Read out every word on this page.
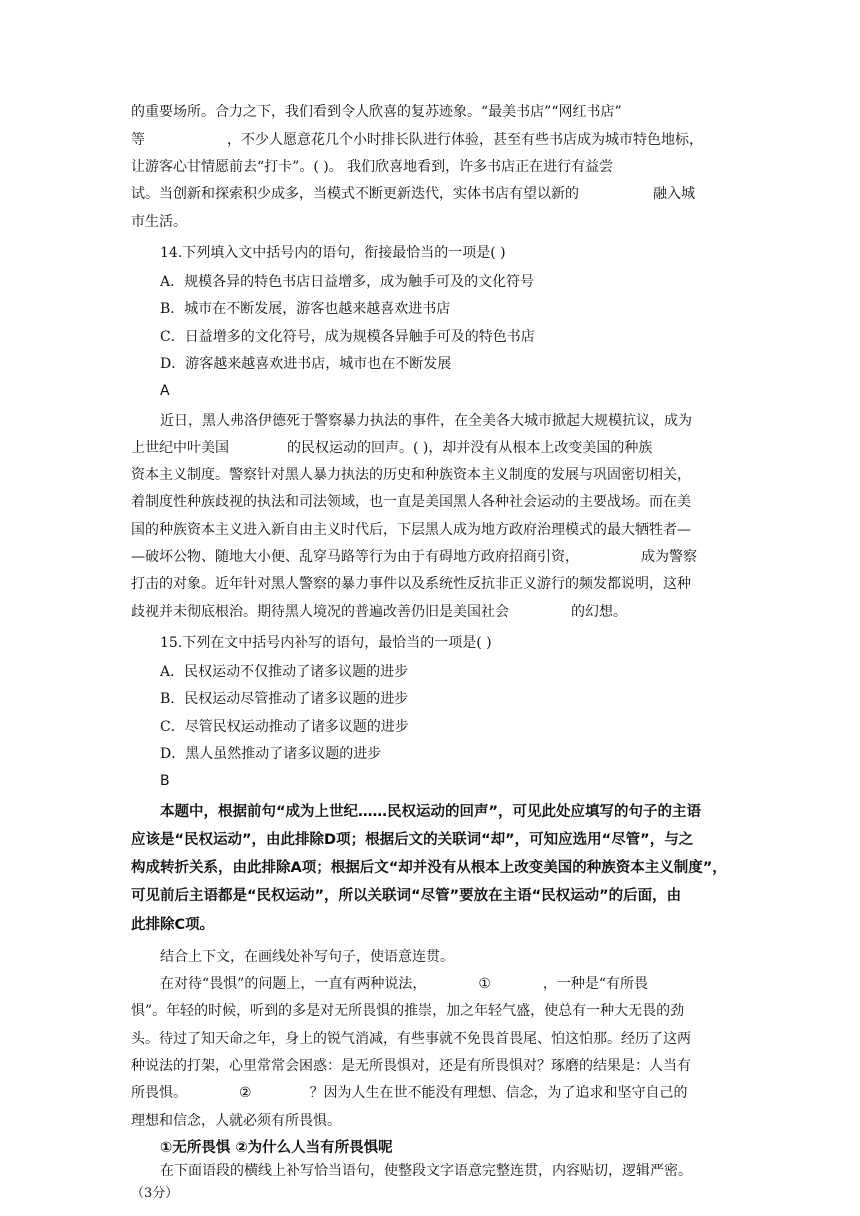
的重要场所。合力之下，我们看到令人欣喜的复苏迹象。“最美书店”“网红书店”
等	，不少人愿意花几个小时排长队进行体验，甚至有些书店成为城市特色地标，
让游客心甘情愿前去“打卡”。( )。 我们欣喜地看到，许多书店正在进行有益尝
试。当创新和探索积少成多，当模式不断更新迭代，实体书店有望以新的	融入城
市生活。
14.下列填入文中括号内的语句，衔接最恰当的一项是( )
A．规模各异的特色书店日益增多，成为触手可及的文化符号
B．城市在不断发展，游客也越来越喜欢进书店
C．日益增多的文化符号，成为规模各异触手可及的特色书店
D．游客越来越喜欢进书店，城市也在不断发展
A
近日，黑人弗洛伊德死于警察暴力执法的事件，在全美各大城市掀起大规模抗议，成为
上世纪中叶美国	的民权运动的回声。( )，却并没有从根本上改变美国的种族
资本主义制度。警察针对黑人暴力执法的历史和种族资本主义制度的发展与巩固密切相关，
着制度性种族歧视的执法和司法领域，也一直是美国黑人各种社会运动的主要战场。而在美
国的种族资本主义进入新自由主义时代后，下层黑人成为地方政府治理模式的最大牺牲者—
—破坏公物、随地大小便、乱穿马路等行为由于有碍地方政府招商引资，	成为警察
打击的对象。近年针对黑人警察的暴力事件以及系统性反抗非正义游行的频发都说明，这种
歧视并未彻底根治。期待黑人境况的普遍改善仍旧是美国社会	的幻想。
15.下列在文中括号内补写的语句，最恰当的一项是( )
A．民权运动不仅推动了诸多议题的进步
B．民权运动尽管推动了诸多议题的进步
C．尽管民权运动推动了诸多议题的进步
D．黑人虽然推动了诸多议题的进步
B
本题中，根据前句“成为上世纪……民权运动的回声”，可见此处应填写的句子的主语
应该是“民权运动”，由此排除D项；根据后文的关联词“却”，可知应选用“尽管”，与之
构成转折关系，由此排除A项；根据后文“却并没有从根本上改变美国的种族资本主义制度”，
可见前后主语都是“民权运动”，所以关联词“尽管”要放在主语“民权运动”的后面，由
此排除C项。
结合上下文，在画线处补写句子，使语意连贯。
在对待“畏惧”的问题上，一直有两种说法，	①	，一种是“有所畏
惧”。年轻的时候，听到的多是对无所畏惧的推崇，加之年轻气盛，使总有一种大无畏的劲
头。待过了知天命之年，身上的锐气消减，有些事就不免畏首畏尾、怕这怕那。经历了这两
种说法的打架，心里常常会困惑：是无所畏惧对，还是有所畏惧对？琢磨的结果是：人当有
所畏惧。	②	？因为人生在世不能没有理想、信念，为了追求和坚守自己的
理想和信念，人就必须有所畏惧。
①无所畏惧 ②为什么人当有所畏惧呢
在下面语段的横线上补写恰当语句，使整段文字语意完整连贯，内容贴切，逻辑严密。
（3分）
